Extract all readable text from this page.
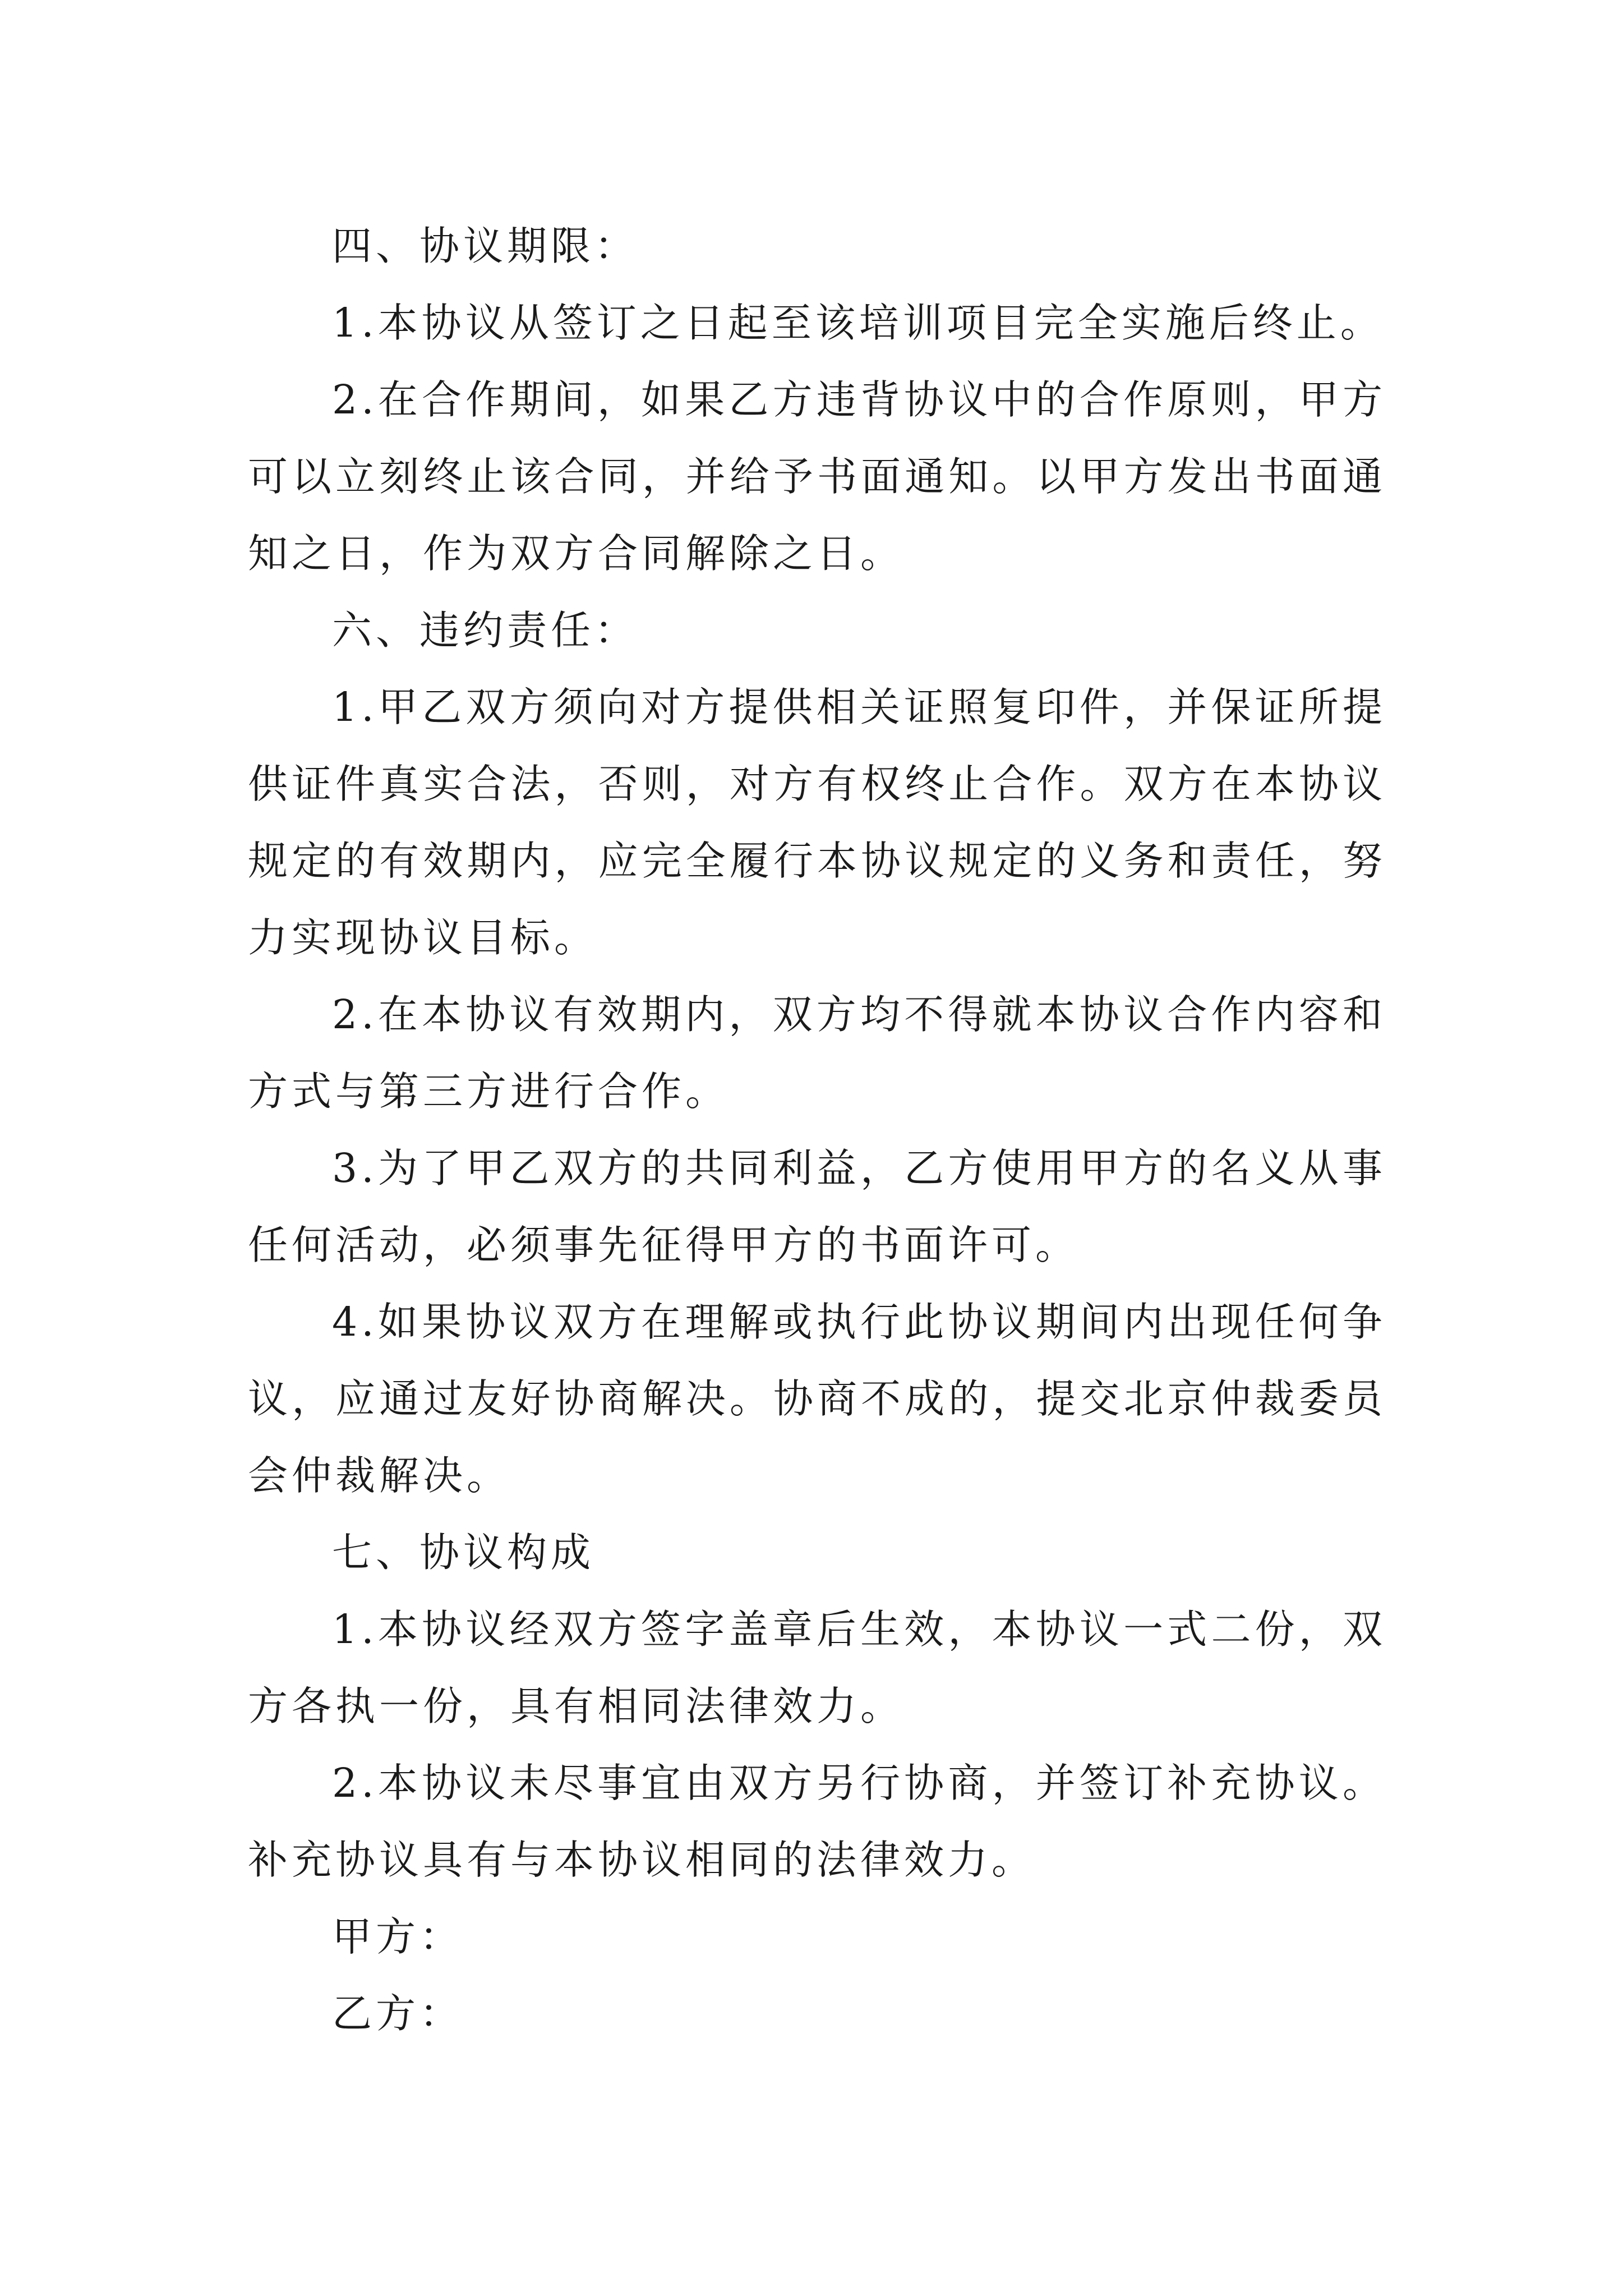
四、协议期限：

1.本协议从签订之日起至该培训项目完全实施后终止。

2.在合作期间，如果乙方违背协议中的合作原则，甲方可以立刻终止该合同，并给予书面通知。以甲方发出书面通知之日，作为双方合同解除之日。

六、违约责任：

1.甲乙双方须向对方提供相关证照复印件，并保证所提供证件真实合法，否则，对方有权终止合作。双方在本协议规定的有效期内，应完全履行本协议规定的义务和责任，努力实现协议目标。

2.在本协议有效期内，双方均不得就本协议合作内容和方式与第三方进行合作。

3.为了甲乙双方的共同利益，乙方使用甲方的名义从事任何活动，必须事先征得甲方的书面许可。

4.如果协议双方在理解或执行此协议期间内出现任何争议，应通过友好协商解决。协商不成的，提交北京仲裁委员会仲裁解决。

七、协议构成

1.本协议经双方签字盖章后生效，本协议一式二份，双方各执一份，具有相同法律效力。

2.本协议未尽事宜由双方另行协商，并签订补充协议。补充协议具有与本协议相同的法律效力。

甲方：

乙方：
